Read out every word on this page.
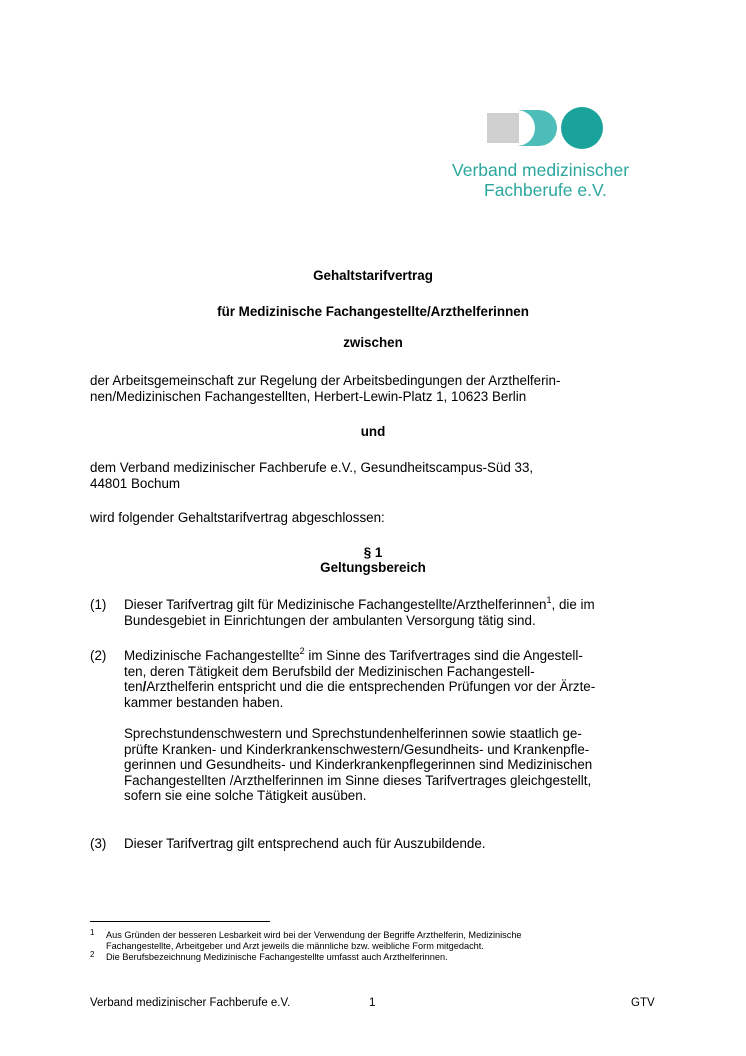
Verband medizinischer
Fachberufe e.V.
Gehaltstarifvertrag
für Medizinische Fachangestellte/Arzthelferinnen
zwischen
der Arbeitsgemeinschaft zur Regelung der Arbeitsbedingungen der Arzthelferin-
nen/Medizinischen Fachangestellten, Herbert-Lewin-Platz 1, 10623 Berlin
und
dem Verband medizinischer Fachberufe e.V., Gesundheitscampus-Süd 33,
44801 Bochum
wird folgender Gehaltstarifvertrag abgeschlossen:
§ 1
Geltungsbereich
(1) Dieser Tarifvertrag gilt für Medizinische Fachangestellte/Arzthelferinnen$^1$, die im
Bundesgebiet in Einrichtungen der ambulanten Versorgung tätig sind.
(2) Medizinische Fachangestellte$^2$ im Sinne des Tarifvertrages sind die Angestell-
ten, deren Tätigkeit dem Berufsbild der Medizinischen Fachangestell-
ten/Arzthelferin entspricht und die die entsprechenden Prüfungen vor der Ärzte-
kammer bestanden haben.
Sprechstundenschwestern und Sprechstundenhelferinnen sowie staatlich ge-
prüfte Kranken- und Kinderkrankenschwestern/Gesundheits- und Krankenpfle-
gerinnen und Gesundheits- und Kinderkrankenpflegerinnen sind Medizinischen
Fachangestellten /Arzthelferinnen im Sinne dieses Tarifvertrages gleichgestellt,
sofern sie eine solche Tätigkeit ausüben.
(3) Dieser Tarifvertrag gilt entsprechend auch für Auszubildende.
1 Aus Gründen der besseren Lesbarkeit wird bei der Verwendung der Begriffe Arzthelferin, Medizinische
Fachangestellte, Arbeitgeber und Arzt jeweils die männliche bzw. weibliche Form mitgedacht.
2 Die Berufsbezeichnung Medizinische Fachangestellte umfasst auch Arzthelferinnen.
Verband medizinischer Fachberufe e.V.	1	GTV
